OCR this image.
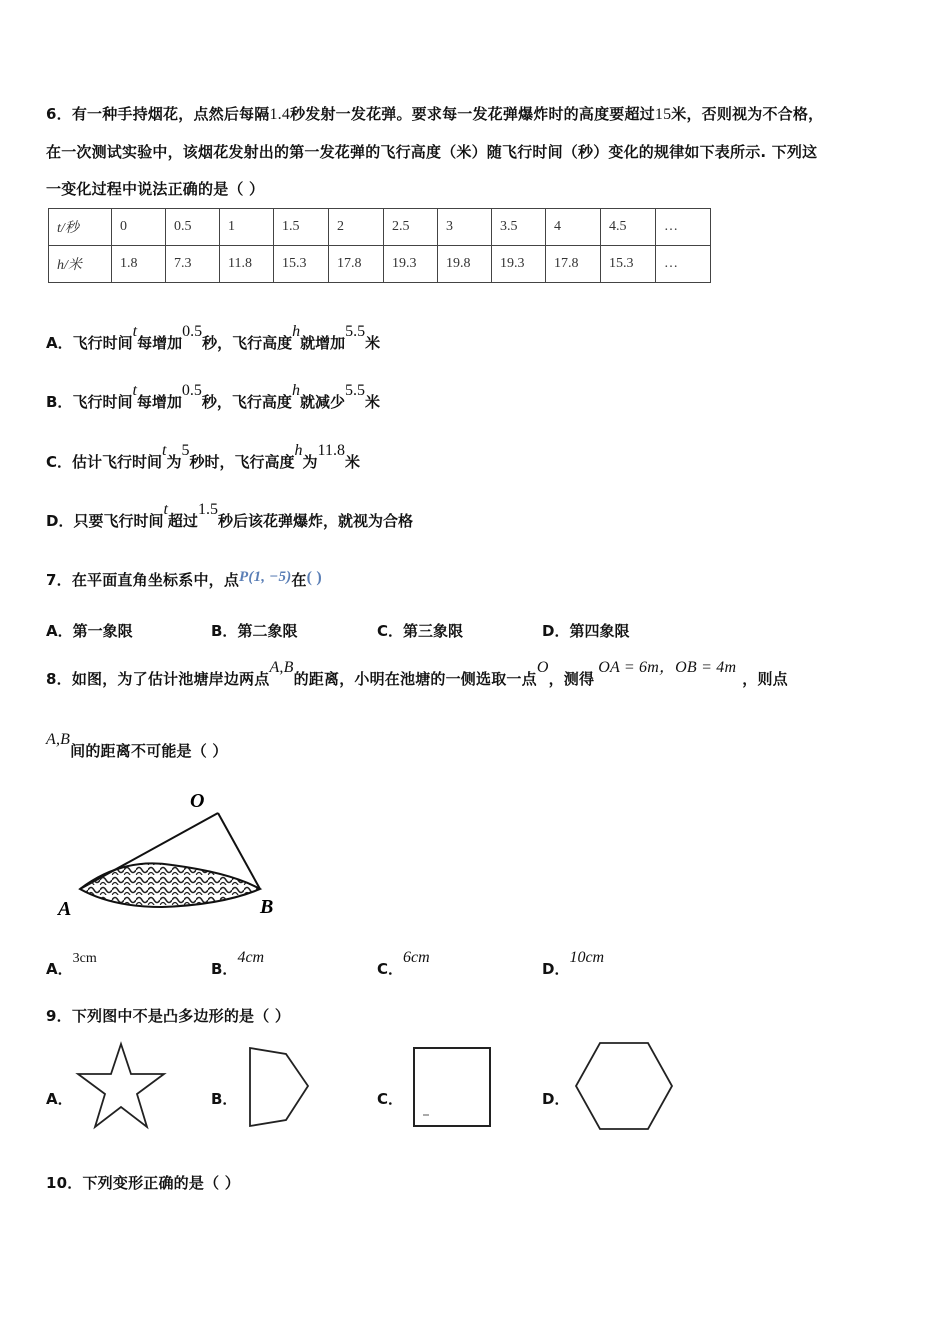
6．有一种手持烟花，点然后每隔1.4秒发射一发花弹。要求每一发花弹爆炸时的高度要超过15米，否则视为不合格，
在一次测试实验中，该烟花发射出的第一发花弹的飞行高度（米）随飞行时间（秒）变化的规律如下表所示. 下列这
一变化过程中说法正确的是（ ）
t/秒	0	0.5	1	1.5	2	2.5	3	3.5	4	4.5	…
h/米	1.8	7.3	11.8	15.3	17.8	19.3	19.8	19.3	17.8	15.3	…
A．飞行时间t每增加0.5秒，飞行高度h就增加5.5米
B．飞行时间t每增加0.5秒，飞行高度h就减少5.5米
C．估计飞行时间t为5秒时，飞行高度h为11.8米
D．只要飞行时间t超过1.5秒后该花弹爆炸，就视为合格
7．在平面直角坐标系中，点P(1, −5)在( )
A．第一象限	B．第二象限	C．第三象限	D．第四象限
8．如图，为了估计池塘岸边两点A,B的距离，小明在池塘的一侧选取一点O，测得OA = 6m，OB = 4m，则点
A,B间的距离不可能是（ ）
O
A	B
A．3cm
B．4cm
C．6cm
D．10cm
9．下列图中不是凸多边形的是（ ）
A．	B．	C．	D．
10．下列变形正确的是（ ）
